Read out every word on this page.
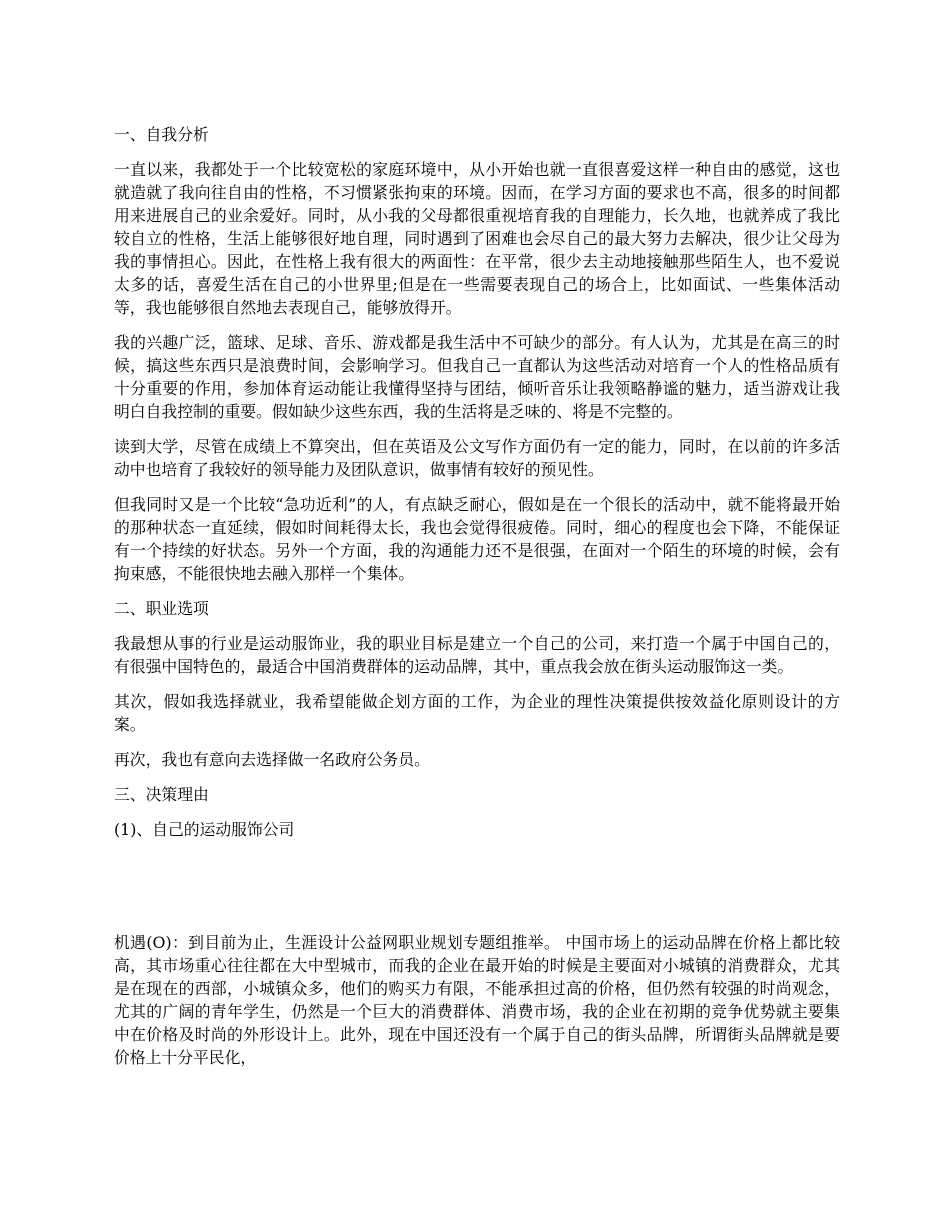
一、自我分析

一直以来，我都处于一个比较宽松的家庭环境中，从小开始也就一直很喜爱这样一种自由的感觉，这也就造就了我向往自由的性格，不习惯紧张拘束的环境。因而，在学习方面的要求也不高，很多的时间都用来进展自己的业余爱好。同时，从小我的父母都很重视培育我的自理能力，长久地，也就养成了我比较自立的性格，生活上能够很好地自理，同时遇到了困难也会尽自己的最大努力去解决，很少让父母为我的事情担心。因此，在性格上我有很大的两面性：在平常，很少去主动地接触那些陌生人，也不爱说太多的话，喜爱生活在自己的小世界里;但是在一些需要表现自己的场合上，比如面试、一些集体活动等，我也能够很自然地去表现自己，能够放得开。

我的兴趣广泛，篮球、足球、音乐、游戏都是我生活中不可缺少的部分。有人认为，尤其是在高三的时候，搞这些东西只是浪费时间，会影响学习。但我自己一直都认为这些活动对培育一个人的性格品质有十分重要的作用，参加体育运动能让我懂得坚持与团结，倾听音乐让我领略静谧的魅力，适当游戏让我明白自我控制的重要。假如缺少这些东西，我的生活将是乏味的、将是不完整的。

读到大学，尽管在成绩上不算突出，但在英语及公文写作方面仍有一定的能力，同时，在以前的许多活动中也培育了我较好的领导能力及团队意识，做事情有较好的预见性。

但我同时又是一个比较“急功近利”的人，有点缺乏耐心，假如是在一个很长的活动中，就不能将最开始的那种状态一直延续，假如时间耗得太长，我也会觉得很疲倦。同时，细心的程度也会下降，不能保证有一个持续的好状态。另外一个方面，我的沟通能力还不是很强，在面对一个陌生的环境的时候，会有拘束感，不能很快地去融入那样一个集体。

二、职业选项

我最想从事的行业是运动服饰业，我的职业目标是建立一个自己的公司，来打造一个属于中国自己的，有很强中国特色的，最适合中国消费群体的运动品牌，其中，重点我会放在街头运动服饰这一类。

其次，假如我选择就业，我希望能做企划方面的工作，为企业的理性决策提供按效益化原则设计的方案。

再次，我也有意向去选择做一名政府公务员。

三、决策理由

(1)、自己的运动服饰公司

机遇(O)：到目前为止，生涯设计公益网职业规划专题组推举。 中国市场上的运动品牌在价格上都比较高，其市场重心往往都在大中型城市，而我的企业在最开始的时候是主要面对小城镇的消费群众，尤其是在现在的西部，小城镇众多，他们的购买力有限，不能承担过高的价格，但仍然有较强的时尚观念，尤其的广阔的青年学生，仍然是一个巨大的消费群体、消费市场，我的企业在初期的竞争优势就主要集中在价格及时尚的外形设计上。此外，现在中国还没有一个属于自己的街头品牌，所谓街头品牌就是要价格上十分平民化，
